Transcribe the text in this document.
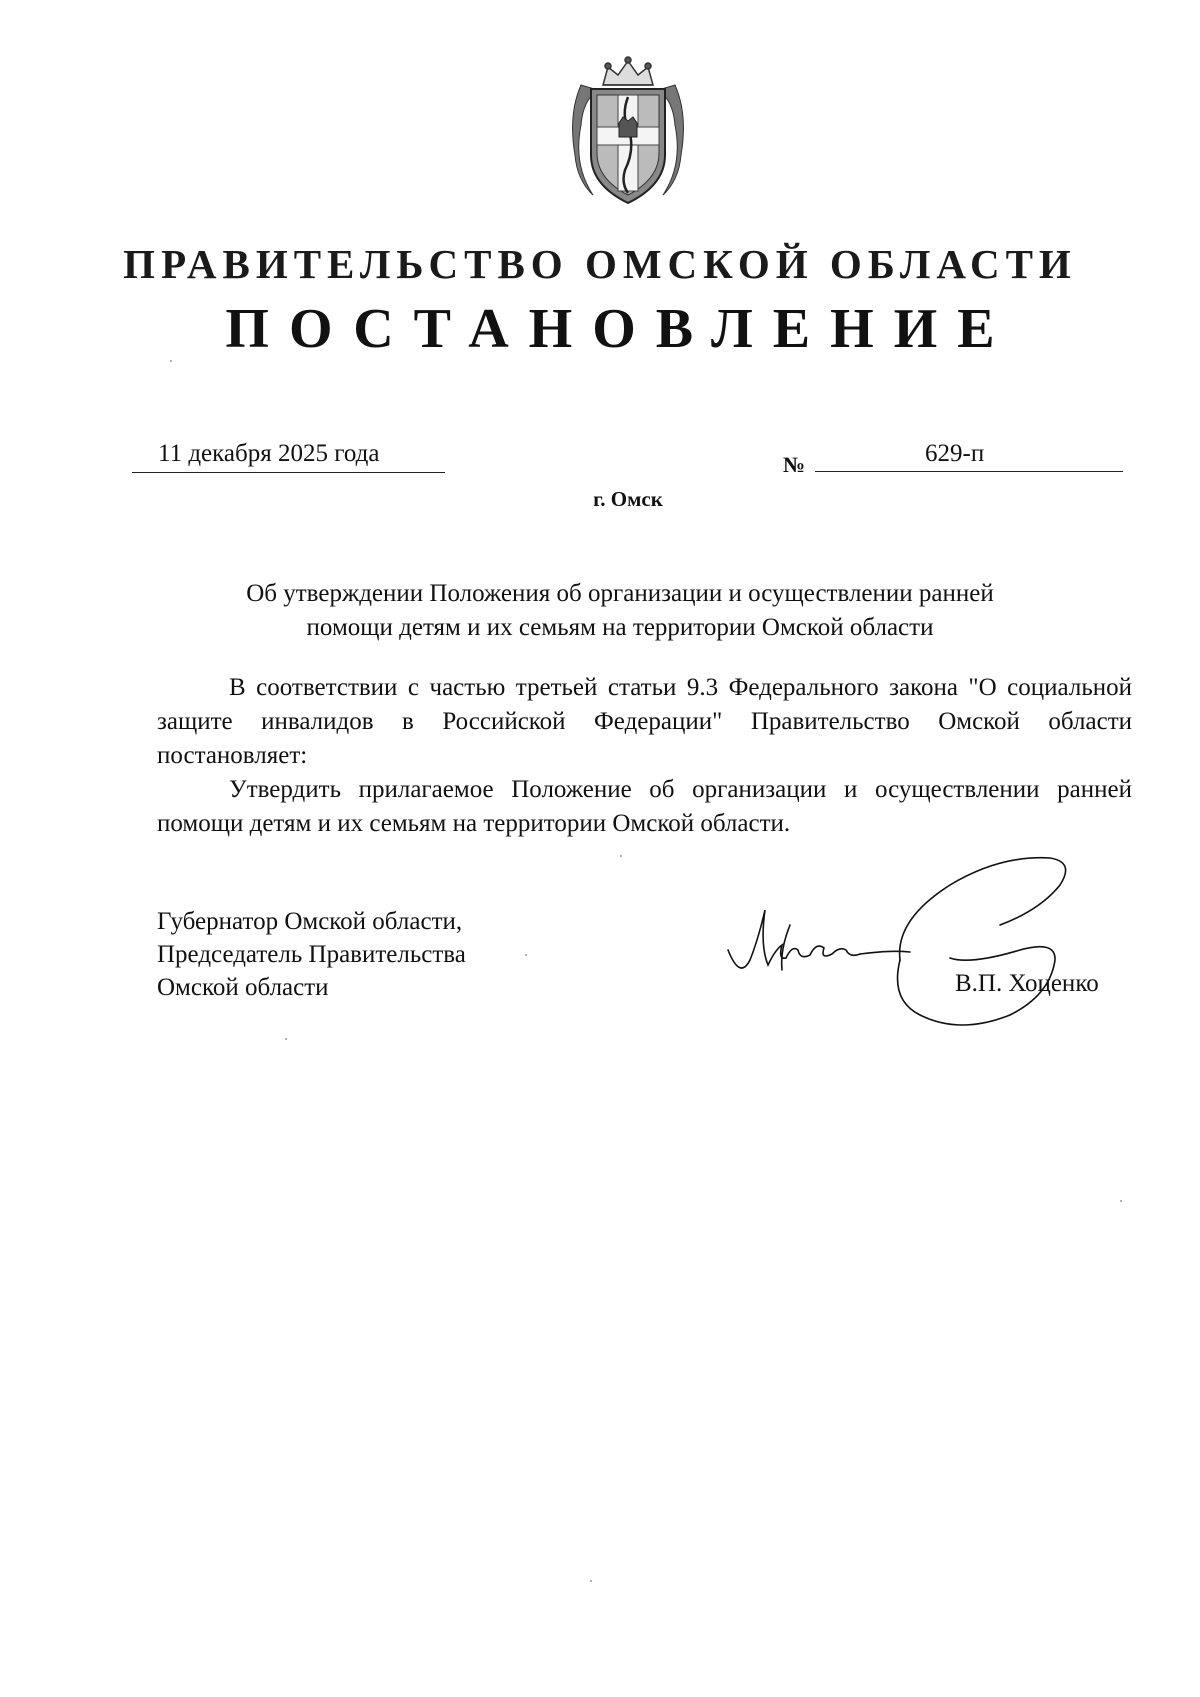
ПРАВИТЕЛЬСТВО ОМСКОЙ ОБЛАСТИ
ПОСТАНОВЛЕНИЕ
11 декабря 2025 года	№	629-п
г. Омск
Об утверждении Положения об организации и осуществлении ранней
помощи детям и их семьям на территории Омской области

В соответствии с частью третьей статьи 9.3 Федерального закона "О социальной защите инвалидов в Российской Федерации" Правительство Омской области постановляет:

Утвердить прилагаемое Положение об организации и осуществлении ранней помощи детям и их семьям на территории Омской области.

Губернатор Омской области,
Председатель Правительства
Омской области	В.П. Хоценко
